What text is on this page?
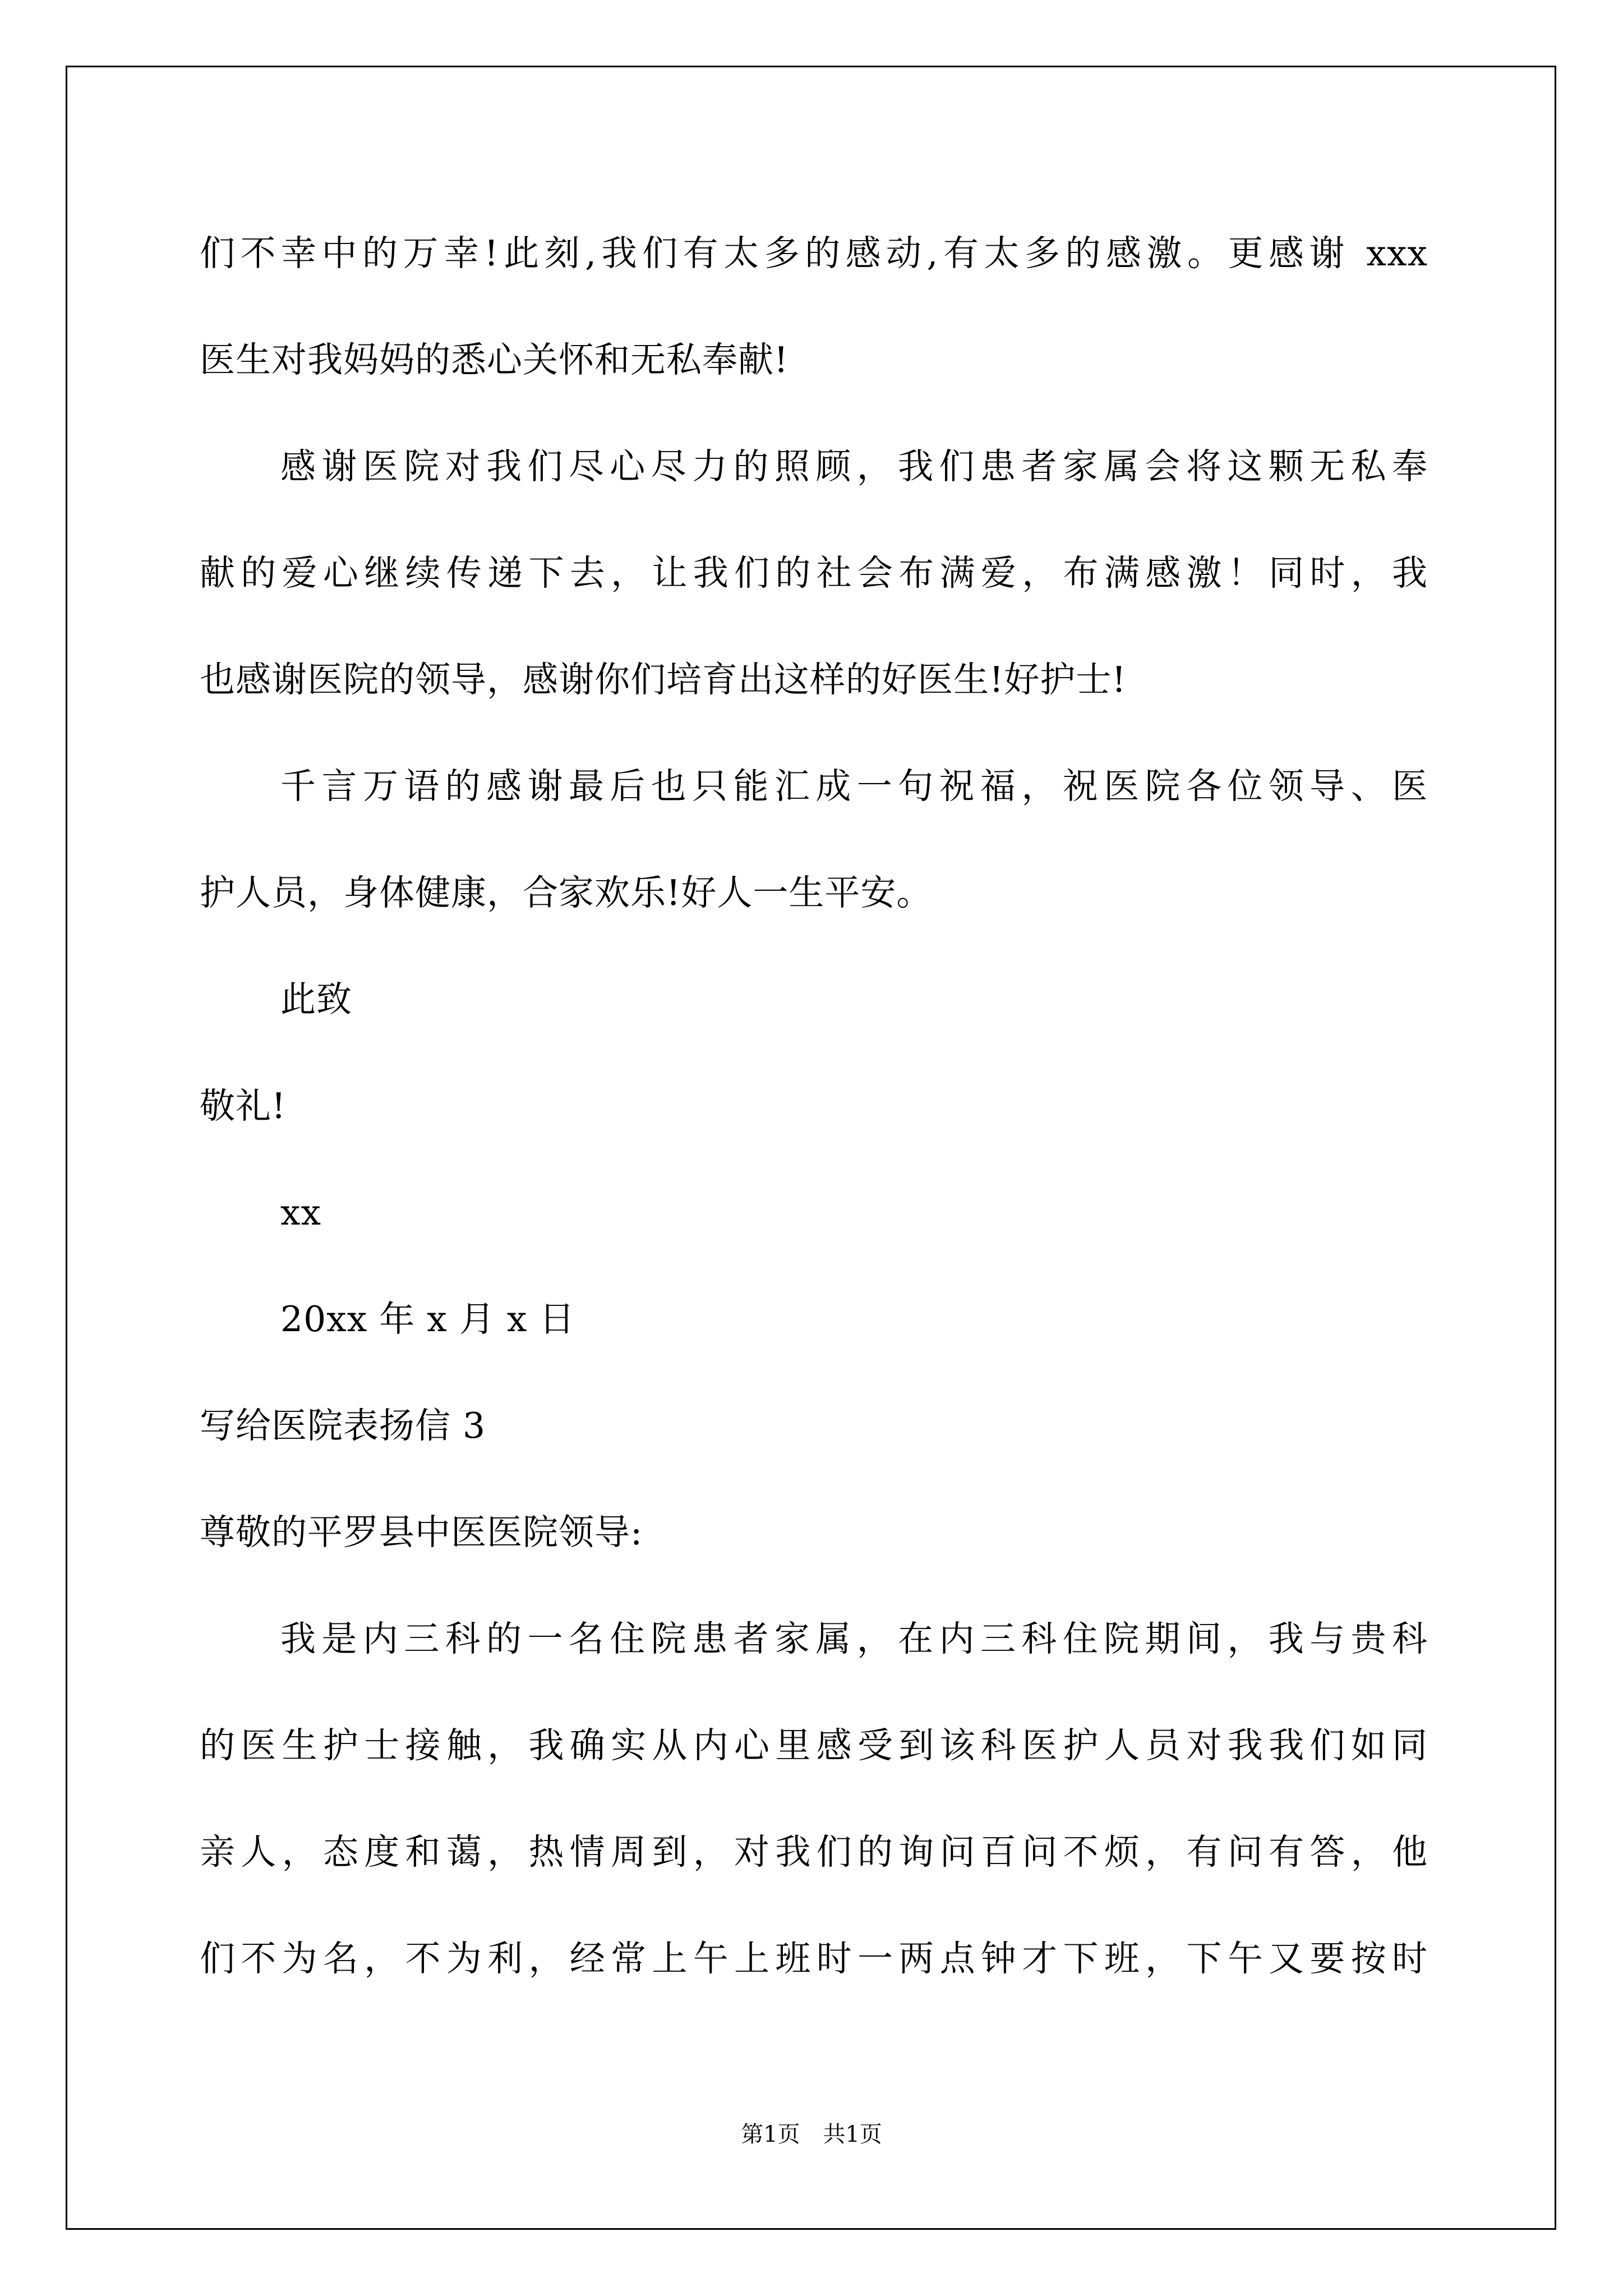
们不幸中的万幸!此刻,我们有太多的感动,有太多的感激。更感谢 xxx
医生对我妈妈的悉心关怀和无私奉献!
感谢医院对我们尽心尽力的照顾，我们患者家属会将这颗无私奉
献的爱心继续传递下去，让我们的社会布满爱，布满感激！同时，我
也感谢医院的领导，感谢你们培育出这样的好医生!好护士!
千言万语的感谢最后也只能汇成一句祝福，祝医院各位领导、医
护人员，身体健康，合家欢乐!好人一生平安。
此致
敬礼!
xx
20xx 年 x 月 x 日
写给医院表扬信 3
尊敬的平罗县中医医院领导:
我是内三科的一名住院患者家属，在内三科住院期间，我与贵科
的医生护士接触，我确实从内心里感受到该科医护人员对我我们如同
亲人，态度和蔼，热情周到，对我们的询问百问不烦，有问有答，他
们不为名，不为利，经常上午上班时一两点钟才下班，下午又要按时
第1页 共1页
